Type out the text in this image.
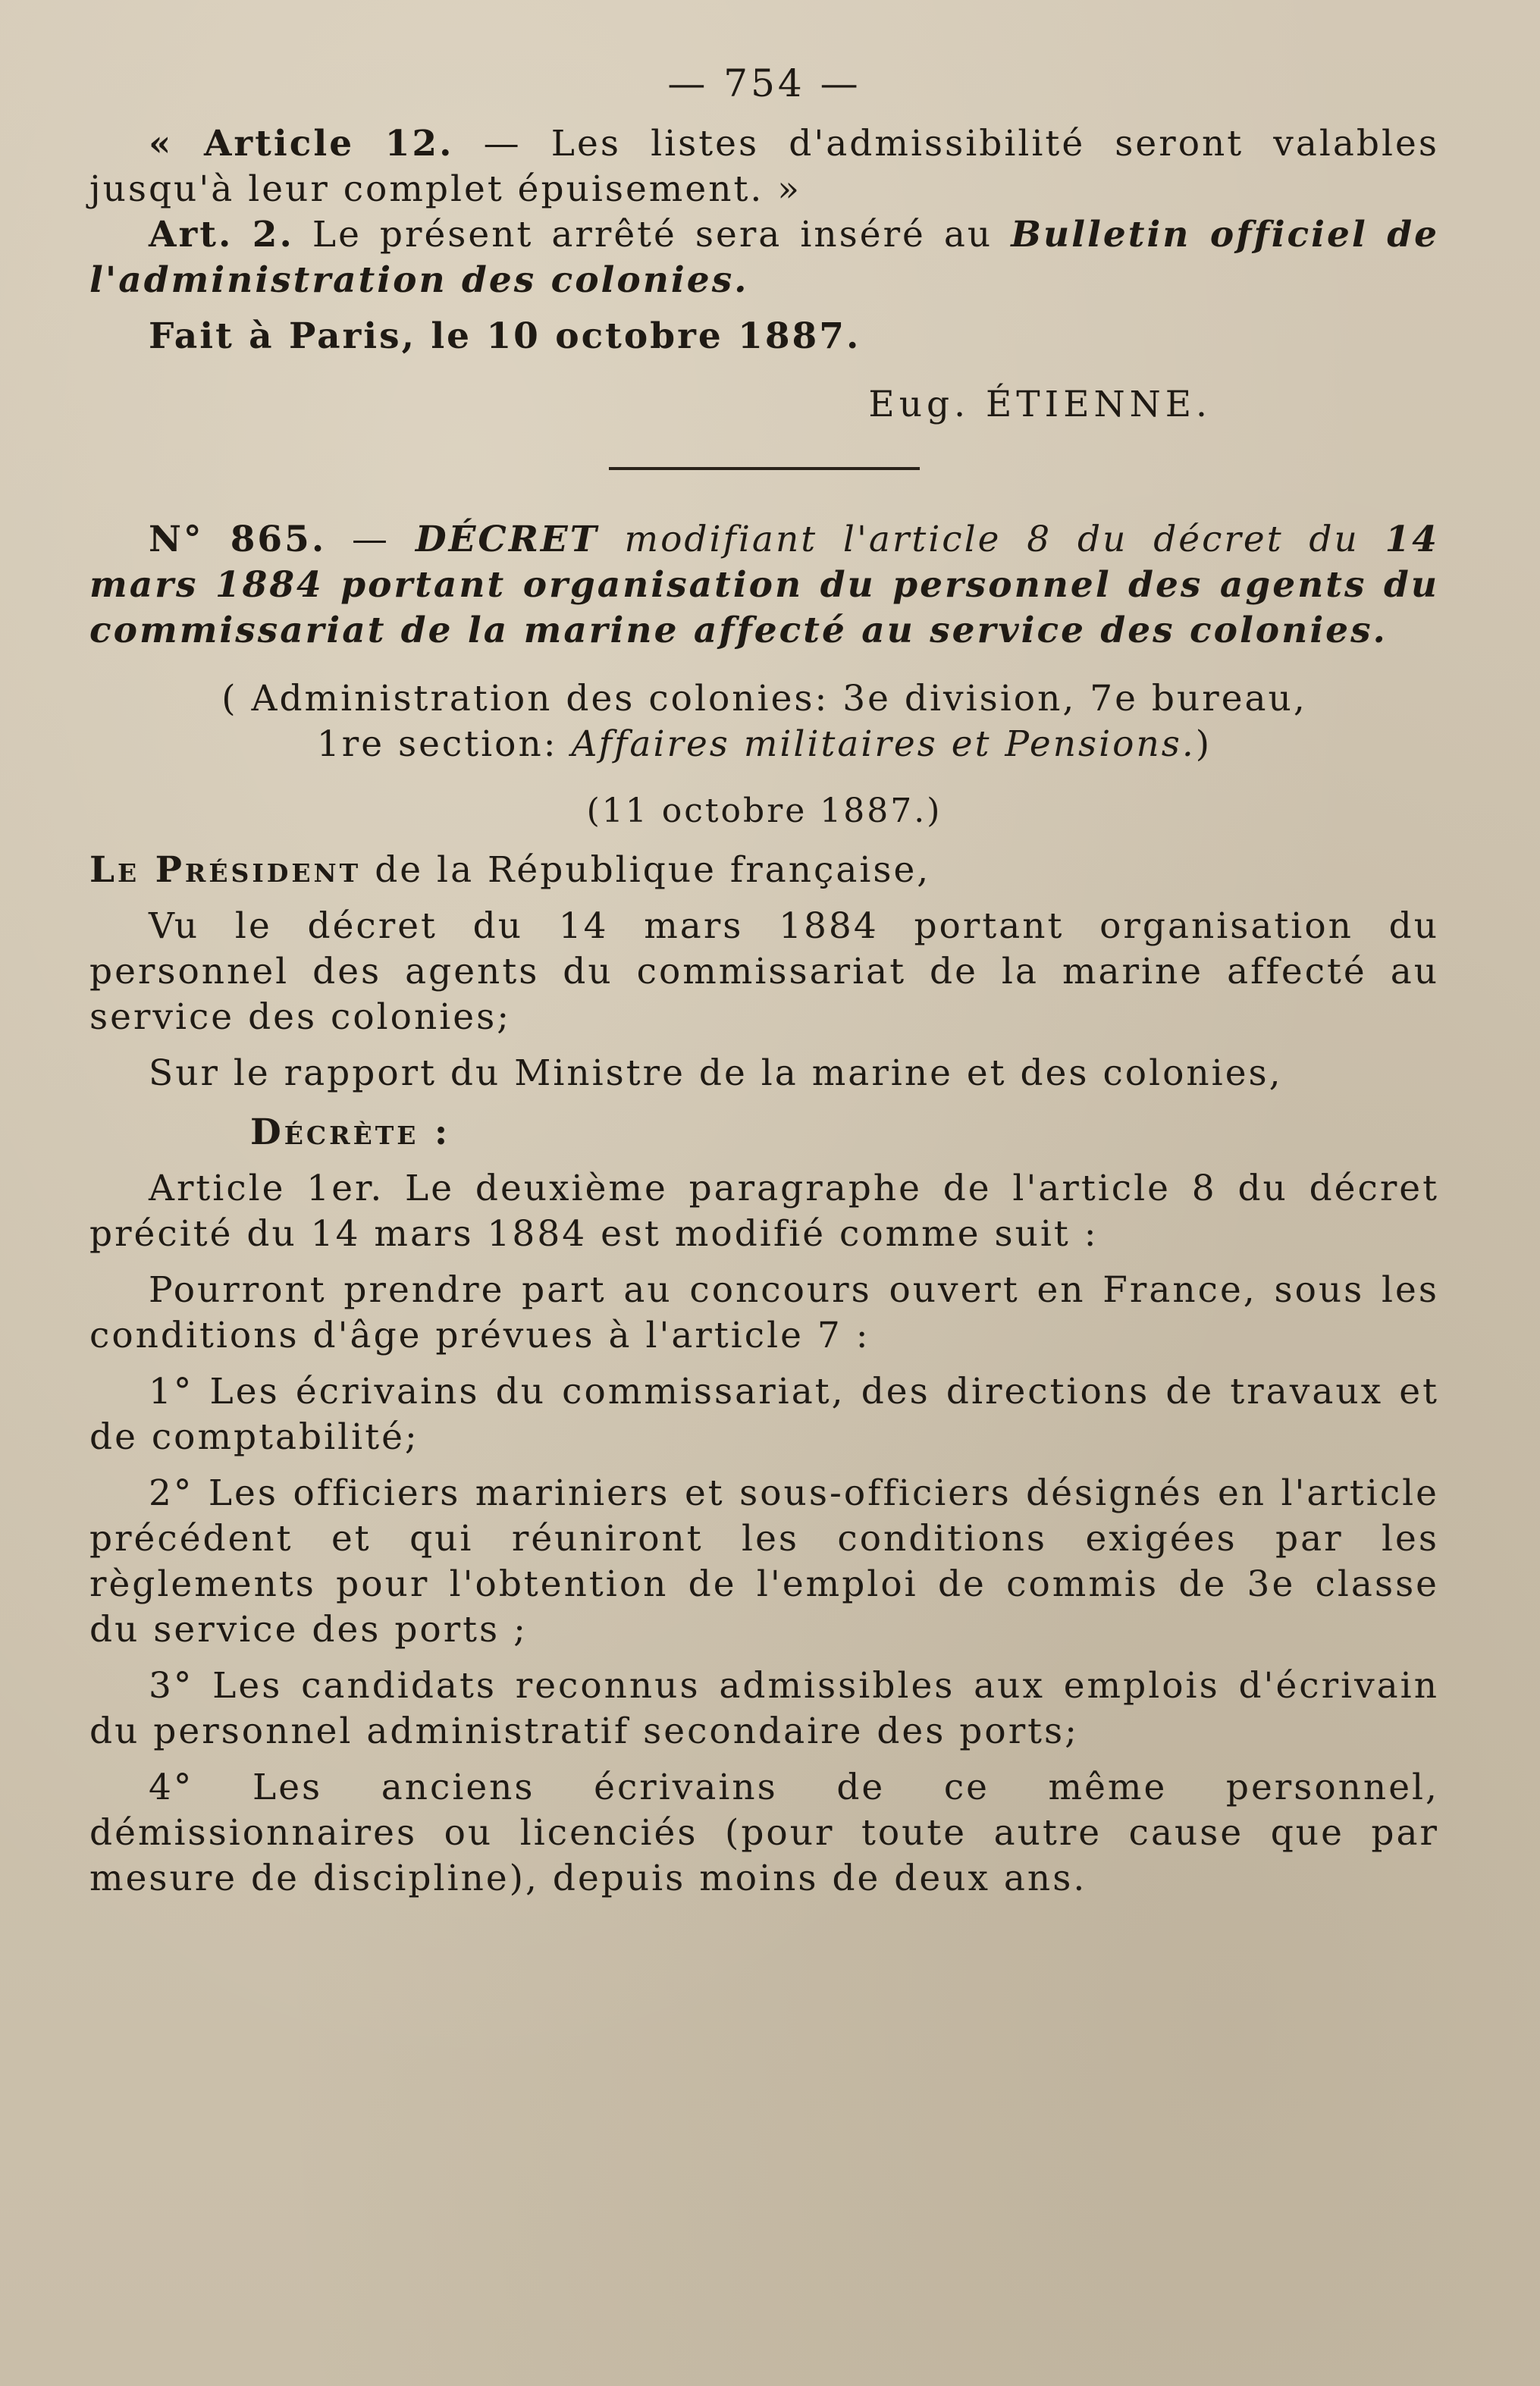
— 754 —

« Article 12. — Les listes d'admissibilité seront valables jusqu'à leur complet épuisement. »

Art. 2. Le présent arrêté sera inséré au Bulletin officiel de l'administration des colonies.

Fait à Paris, le 10 octobre 1887.

Eug. ÉTIENNE.

N° 865. — DÉCRET modifiant l'article 8 du décret du 14 mars 1884 portant organisation du personnel des agents du commissariat de la marine affecté au service des colonies.

( Administration des colonies: 3e division, 7e bureau,

1re section: Affaires militaires et Pensions.)

(11 octobre 1887.)

Le Président de la République française,

Vu le décret du 14 mars 1884 portant organisation du personnel des agents du commissariat de la marine affecté au service des colonies;

Sur le rapport du Ministre de la marine et des colonies,

Décrète :

Article 1er. Le deuxième paragraphe de l'article 8 du décret précité du 14 mars 1884 est modifié comme suit :

Pourront prendre part au concours ouvert en France, sous les conditions d'âge prévues à l'article 7 :

1° Les écrivains du commissariat, des directions de travaux et de comptabilité;

2° Les officiers mariniers et sous-officiers désignés en l'article précédent et qui réuniront les conditions exigées par les règlements pour l'obtention de l'emploi de commis de 3e classe du service des ports ;

3° Les candidats reconnus admissibles aux emplois d'écrivain du personnel administratif secondaire des ports;

4° Les anciens écrivains de ce même personnel, démissionnaires ou licenciés (pour toute autre cause que par mesure de discipline), depuis moins de deux ans.
